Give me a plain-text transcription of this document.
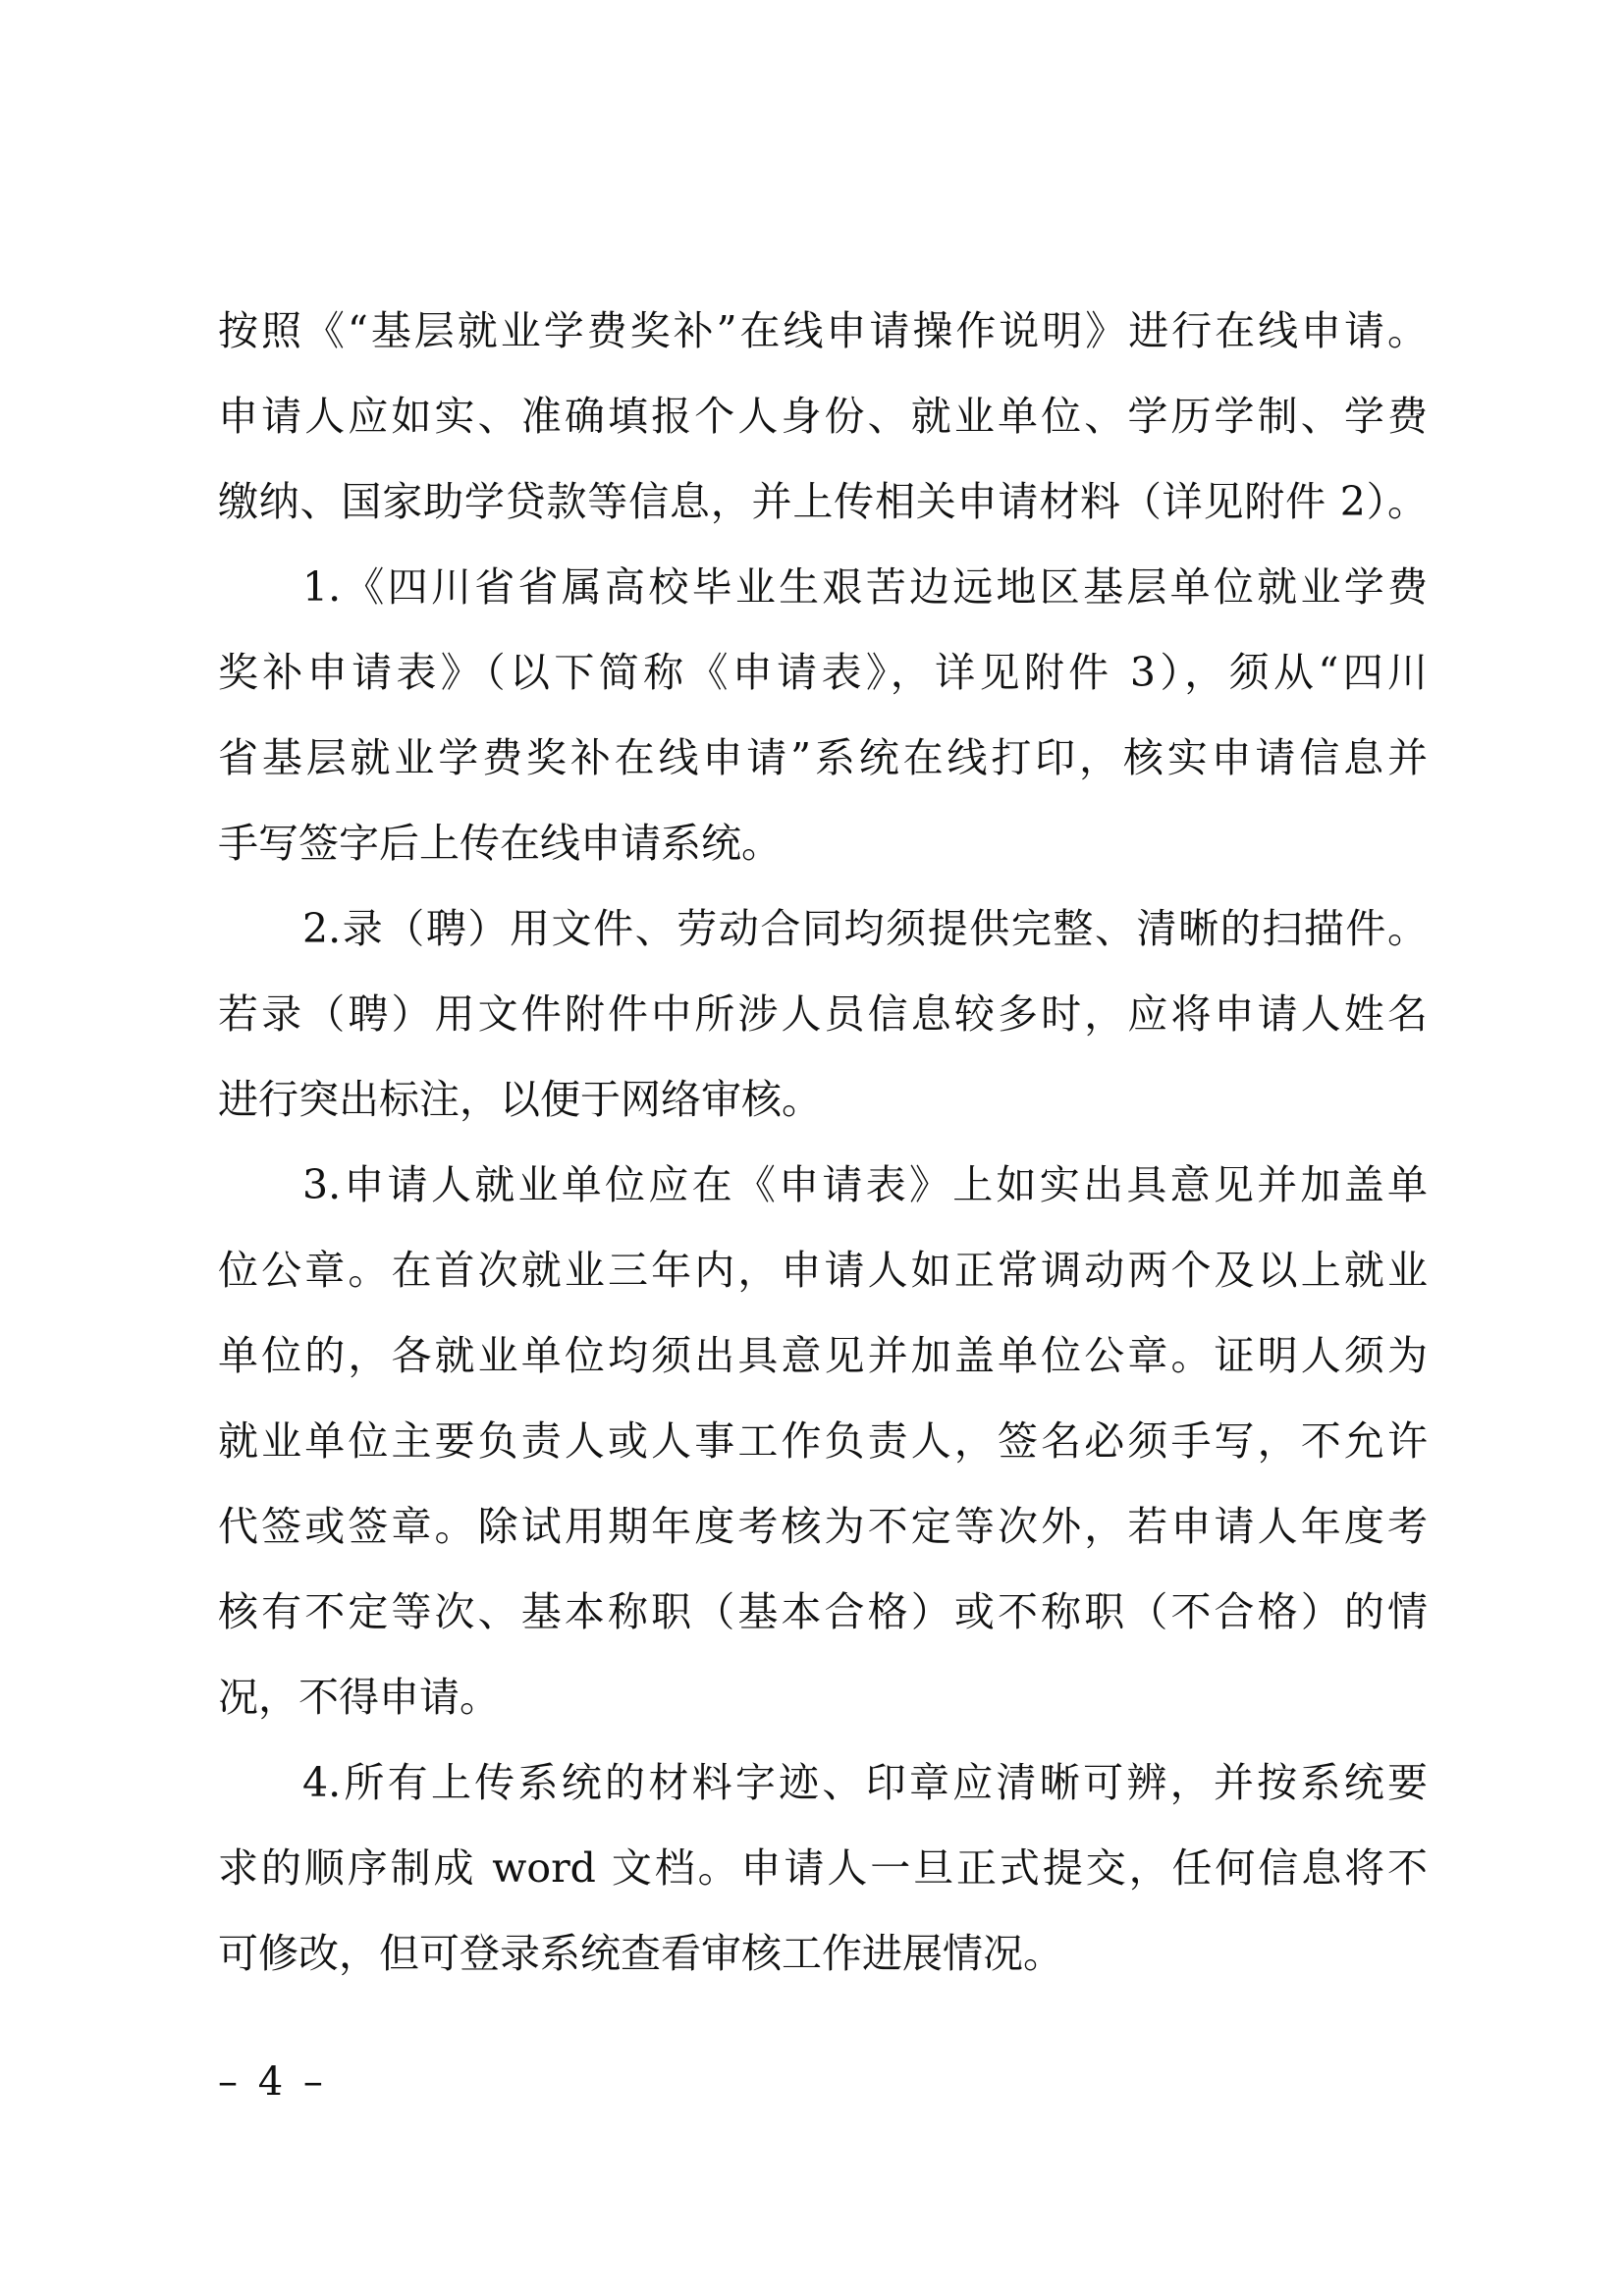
按照《“基层就业学费奖补”在线申请操作说明》进行在线申请。
申请人应如实、准确填报个人身份、就业单位、学历学制、学费
缴纳、国家助学贷款等信息，并上传相关申请材料（详见附件 2）。
1.《四川省省属高校毕业生艰苦边远地区基层单位就业学费
奖补申请表》（以下简称《申请表》，详见附件 3），须从“四川
省基层就业学费奖补在线申请”系统在线打印，核实申请信息并
手写签字后上传在线申请系统。
2.录（聘）用文件、劳动合同均须提供完整、清晰的扫描件。
若录（聘）用文件附件中所涉人员信息较多时，应将申请人姓名
进行突出标注，以便于网络审核。
3.申请人就业单位应在《申请表》上如实出具意见并加盖单
位公章。在首次就业三年内，申请人如正常调动两个及以上就业
单位的，各就业单位均须出具意见并加盖单位公章。证明人须为
就业单位主要负责人或人事工作负责人，签名必须手写，不允许
代签或签章。除试用期年度考核为不定等次外，若申请人年度考
核有不定等次、基本称职（基本合格）或不称职（不合格）的情
况，不得申请。
4.所有上传系统的材料字迹、印章应清晰可辨，并按系统要
求的顺序制成 word 文档。申请人一旦正式提交，任何信息将不
可修改，但可登录系统查看审核工作进展情况。
– 4 –
